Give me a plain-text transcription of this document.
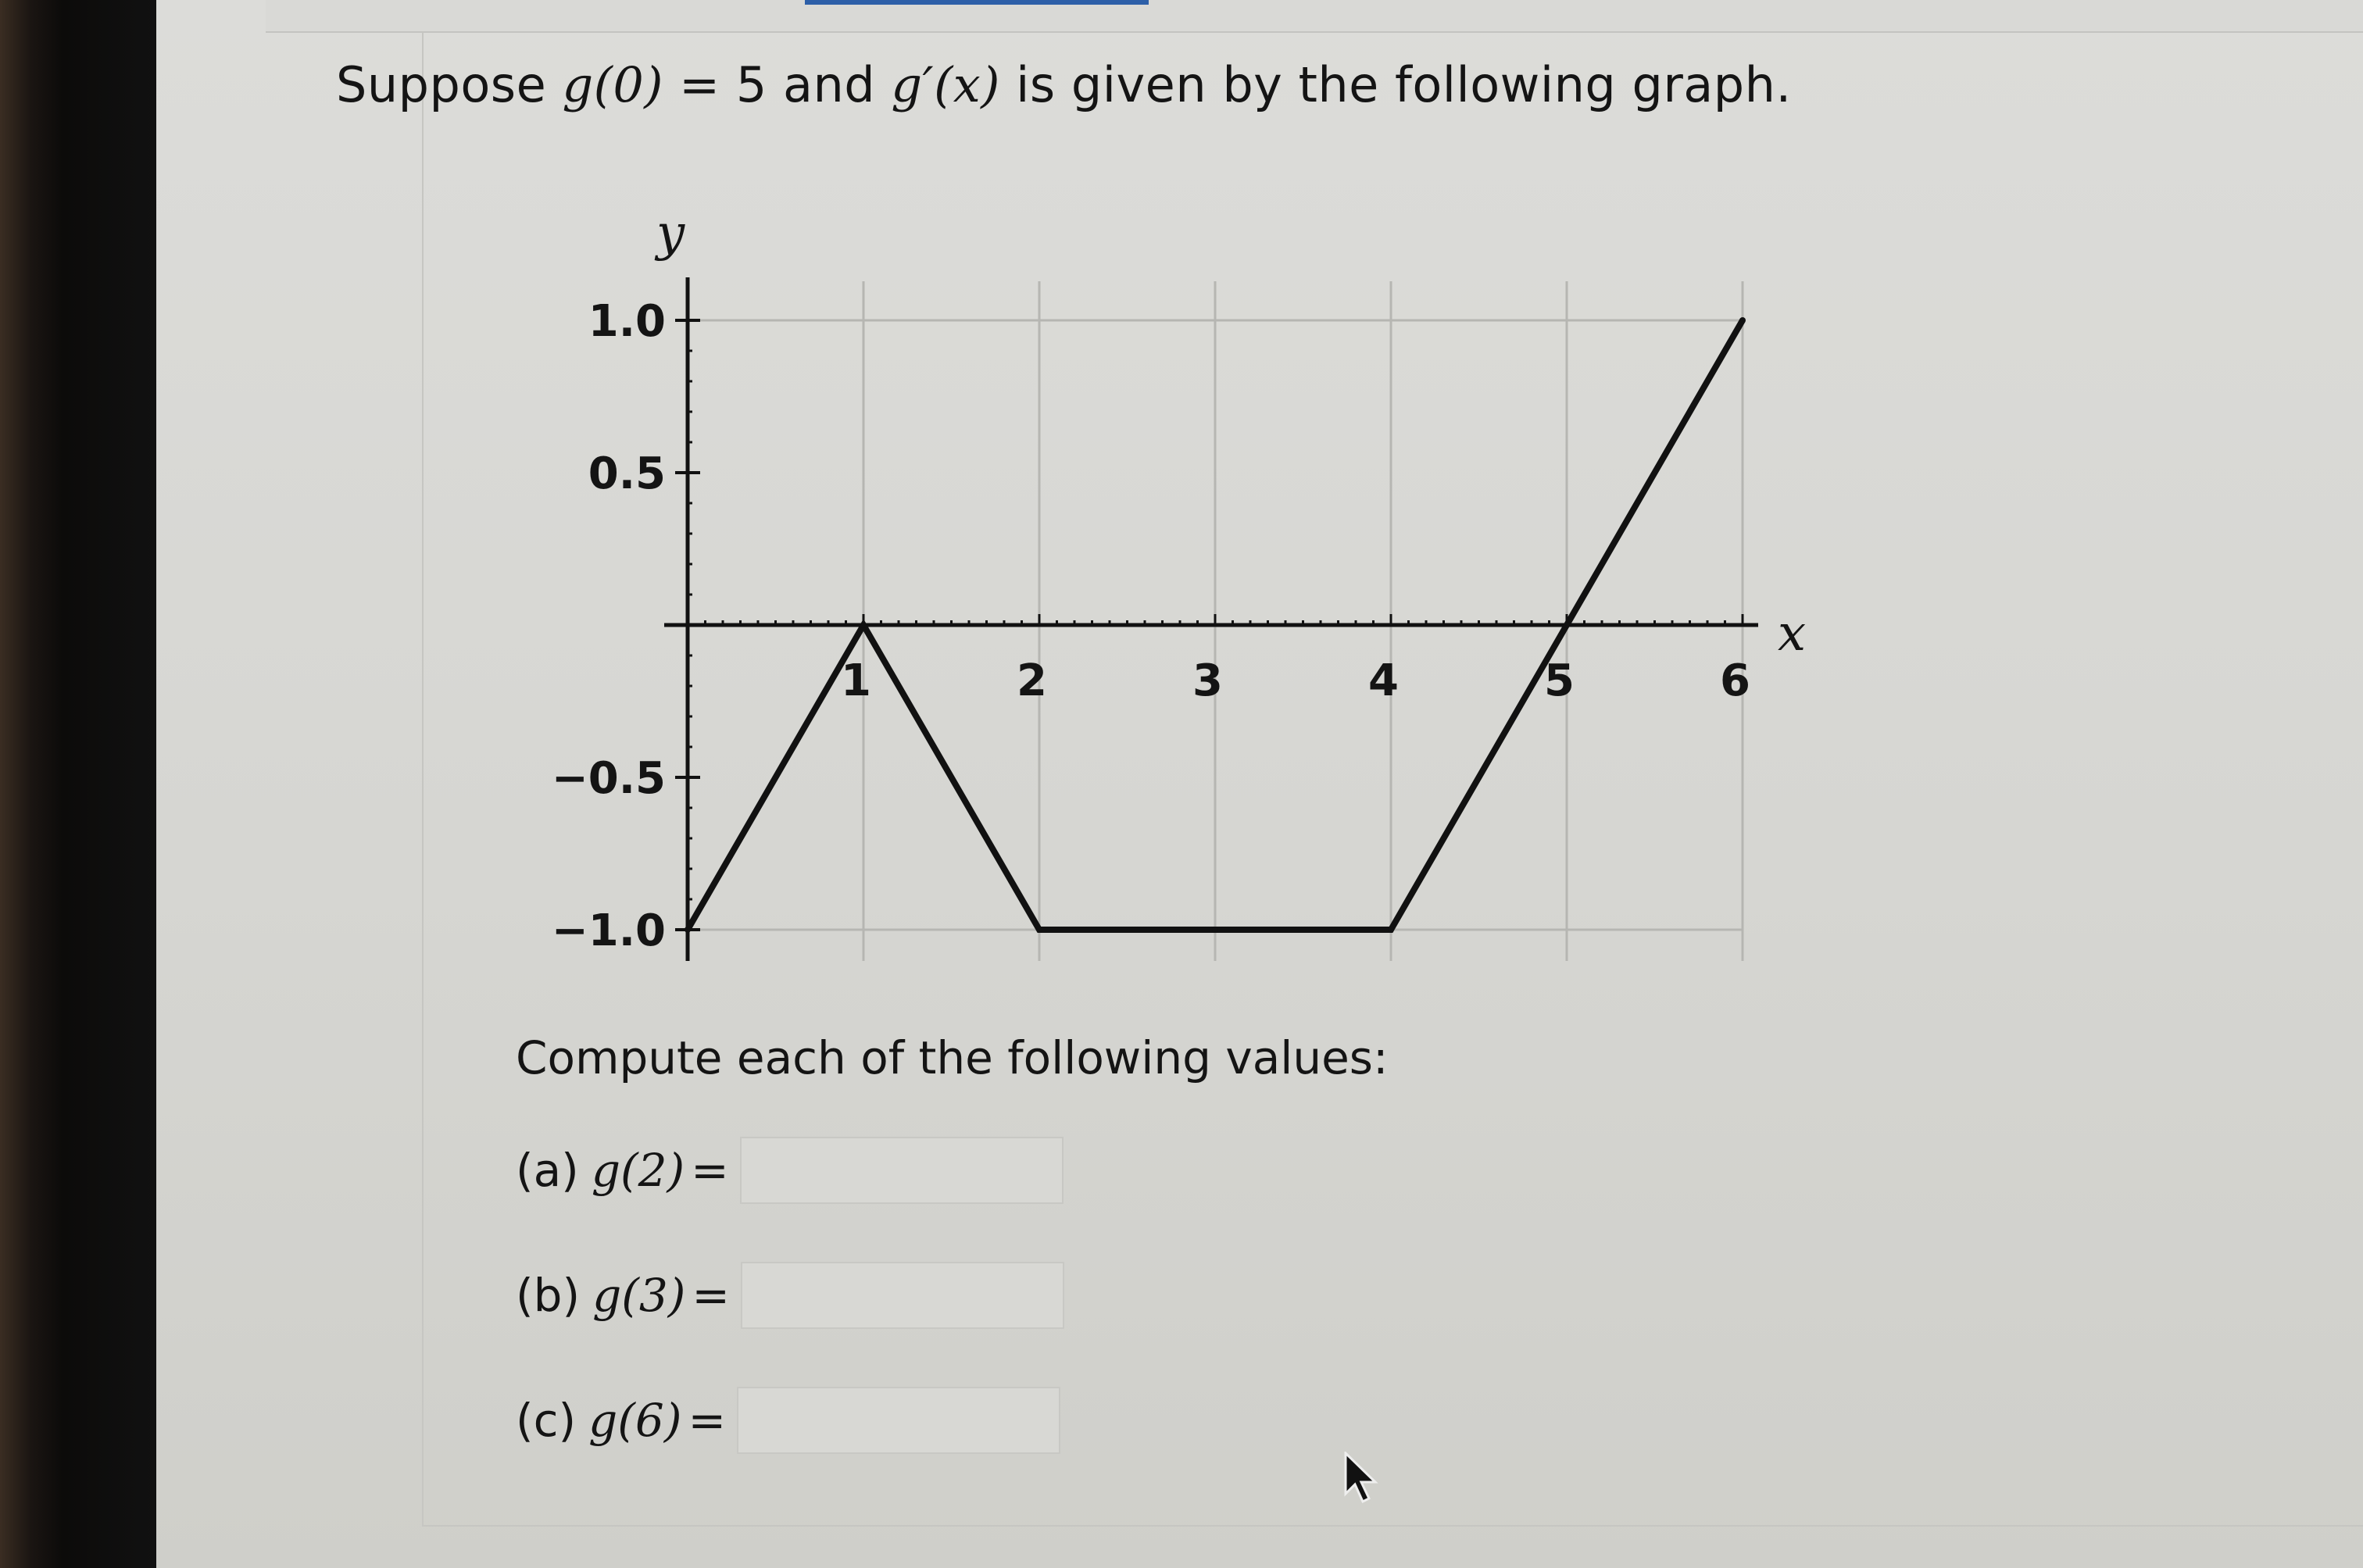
Suppose g(0) = 5 and g′(x) is given by the following graph.
1	2	3	4	5	6
1.0
0.5
−0.5
−1.0
x
y
Compute each of the following values:
(a) g(2) =
(b) g(3) =
(c) g(6) =
